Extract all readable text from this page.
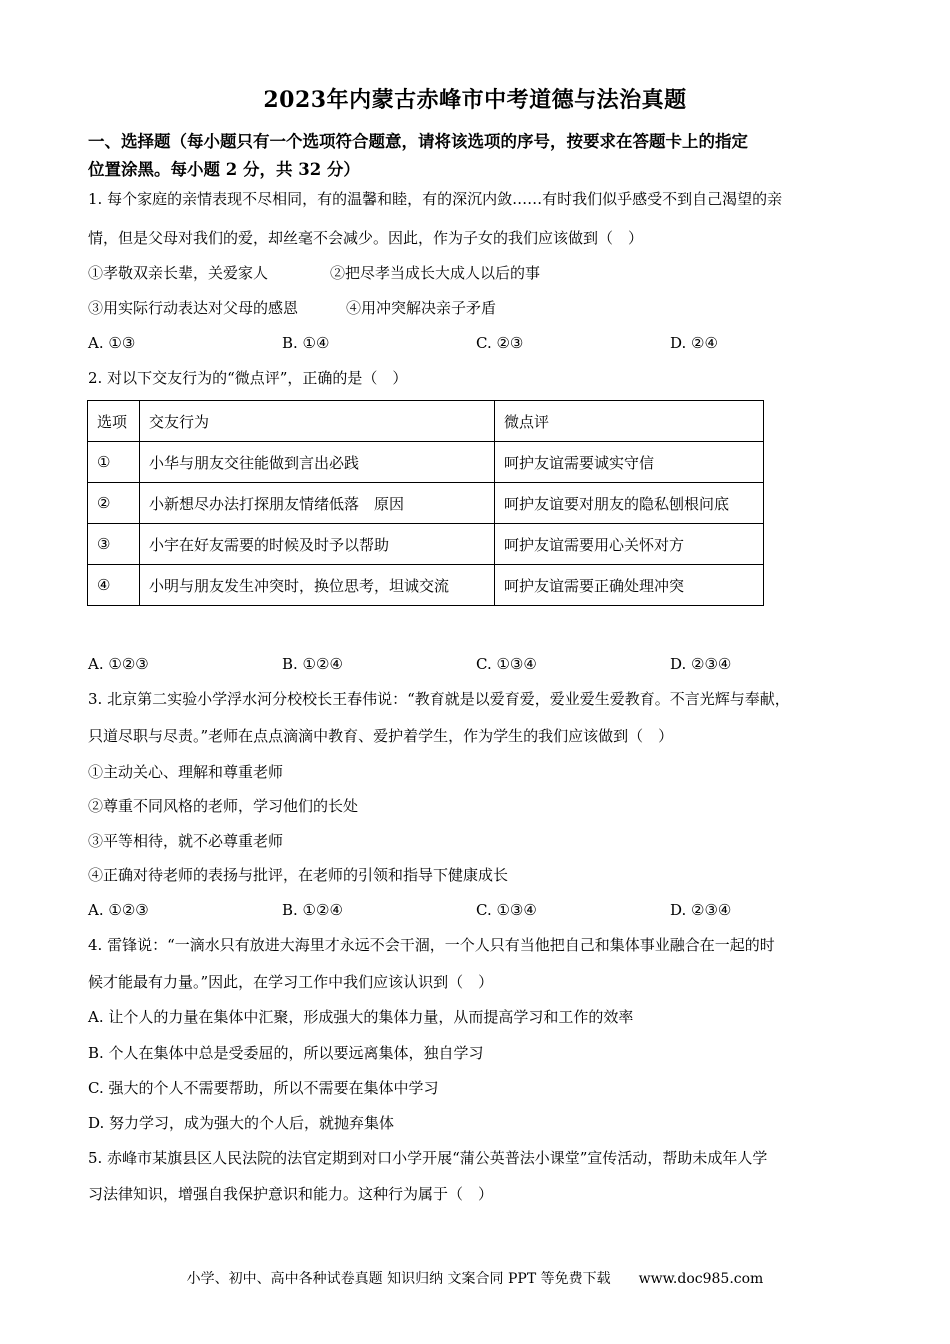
2023年内蒙古赤峰市中考道德与法治真题
一、选择题（每小题只有一个选项符合题意，请将该选项的序号，按要求在答题卡上的指定
位置涂黑。每小题 2 分，共 32 分）
1. 每个家庭的亲情表现不尽相同，有的温馨和睦，有的深沉内敛……有时我们似乎感受不到自己渴望的亲
情，但是父母对我们的爱，却丝毫不会减少。因此，作为子女的我们应该做到（　）
①孝敬双亲长辈，关爱家人	②把尽孝当成长大成人以后的事
③用实际行动表达对父母的感恩	④用冲突解决亲子矛盾
A. ①③	B. ①④	C. ②③	D. ②④
2. 对以下交友行为的“微点评”，正确的是（　）
选项	交友行为	微点评
①	小华与朋友交往能做到言出必践	呵护友谊需要诚实守信
②	小新想尽办法打探朋友情绪低落　原因	呵护友谊要对朋友的隐私刨根问底
③	小宇在好友需要的时候及时予以帮助	呵护友谊需要用心关怀对方
④	小明与朋友发生冲突时，换位思考，坦诚交流	呵护友谊需要正确处理冲突
A. ①②③	B. ①②④	C. ①③④	D. ②③④
3. 北京第二实验小学浮水河分校校长王春伟说：“教育就是以爱育爱，爱业爱生爱教育。不言光辉与奉献，
只道尽职与尽责。”老师在点点滴滴中教育、爱护着学生，作为学生的我们应该做到（　）
①主动关心、理解和尊重老师
②尊重不同风格的老师，学习他们的长处
③平等相待，就不必尊重老师
④正确对待老师的表扬与批评，在老师的引领和指导下健康成长
A. ①②③	B. ①②④	C. ①③④	D. ②③④
4. 雷锋说：“一滴水只有放进大海里才永远不会干涸，一个人只有当他把自己和集体事业融合在一起的时
候才能最有力量。”因此，在学习工作中我们应该认识到（　）
A. 让个人的力量在集体中汇聚，形成强大的集体力量，从而提高学习和工作的效率
B. 个人在集体中总是受委屈的，所以要远离集体，独自学习
C. 强大的个人不需要帮助，所以不需要在集体中学习
D. 努力学习，成为强大的个人后，就抛弃集体
5. 赤峰市某旗县区人民法院的法官定期到对口小学开展“蒲公英普法小课堂”宣传活动，帮助未成年人学
习法律知识，增强自我保护意识和能力。这种行为属于（　）
小学、初中、高中各种试卷真题 知识归纳 文案合同 PPT 等免费下载　　www.doc985.com
